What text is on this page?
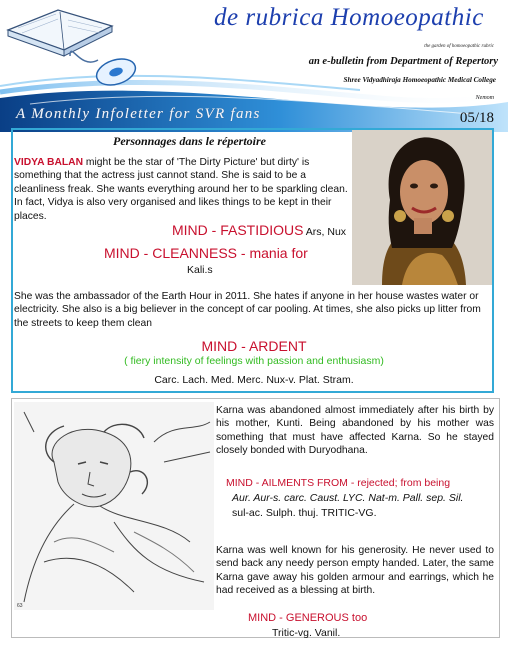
de rubrica Homoeopathic
the garden of homoeopathic rubric
an e-bulletin from Department of Repertory
Shree Vidyadhiraja Homoeopathic Medical College
Nemom
A Monthly Infoletter for SVR fans	05/18
Personnages dans le répertoire
VIDYA BALAN might be the star of 'The Dirty Picture' but dirty' is something that the actress just cannot stand. She is said to be a cleanliness freak. She wants everything around her to be sparkling clean. In fact, Vidya is also very organised and likes things to be kept in their places.
MIND - FASTIDIOUS Ars, Nux
MIND - CLEANNESS - mania for
Kali.s
She was the ambassador of the Earth Hour in 2011. She hates if anyone in her house wastes water or electricity. She also is a big believer in the concept of car pooling. At times, she also picks up litter from the streets to keep them clean
MIND - ARDENT
( fiery intensity of feelings with passion and enthusiasm)
Carc. Lach. Med. Merc. Nux-v. Plat. Stram.
63
Karna was abandoned almost immediately after his birth by his mother, Kunti. Being abandoned by his mother was something that must have affected Karna. So he stayed closely bonded with Duryodhana.
MIND - AILMENTS FROM - rejected; from being
Aur. Aur-s. carc. Caust. LYC. Nat-m. Pall. sep. Sil.
sul-ac. Sulph. thuj. TRITIC-VG.
Karna was well known for his generosity. He never used to send back any needy person empty handed. Later, the same Karna gave away his golden armour and earrings, which he had received as a blessing at birth.
MIND - GENEROUS too
Tritic-vg. Vanil.
